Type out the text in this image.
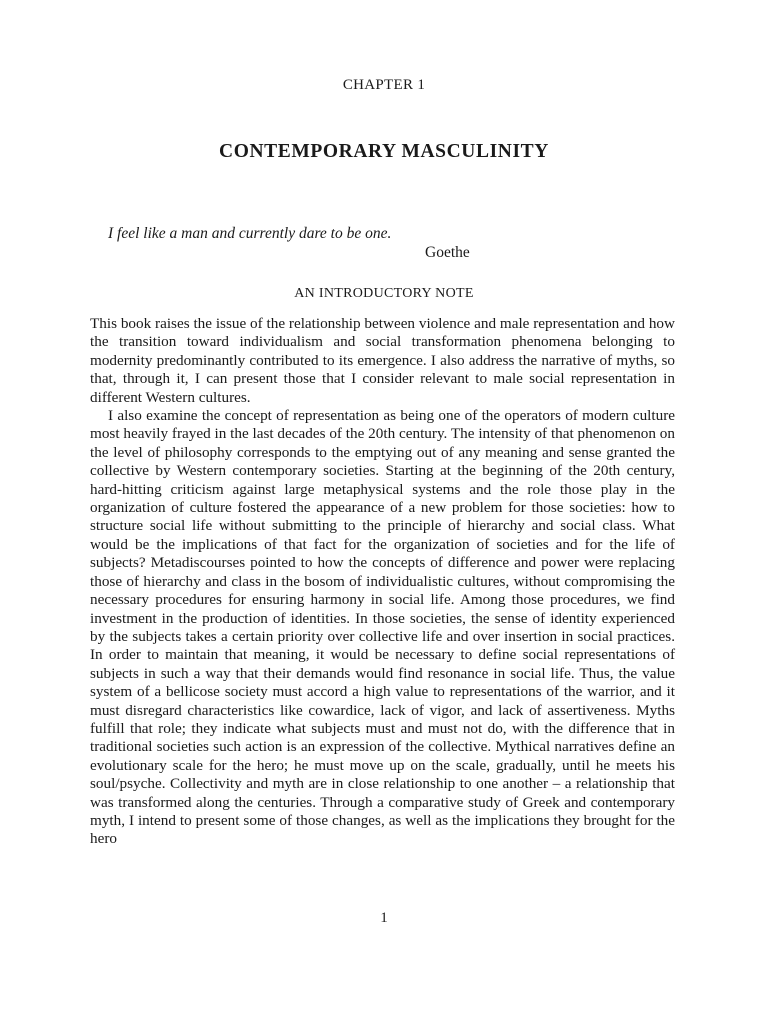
CHAPTER 1
CONTEMPORARY MASCULINITY
I feel like a man and currently dare to be one.
Goethe
AN INTRODUCTORY NOTE

This book raises the issue of the relationship between violence and male representation and how the transition toward individualism and social transformation phenomena belonging to modernity predominantly contributed to its emergence. I also address the narrative of myths, so that, through it, I can present those that I consider relevant to male social representation in different Western cultures.

I also examine the concept of representation as being one of the operators of modern culture most heavily frayed in the last decades of the 20th century. The intensity of that phenomenon on the level of philosophy corresponds to the emptying out of any meaning and sense granted the collective by Western contemporary societies. Starting at the beginning of the 20th century, hard-hitting criticism against large metaphysical systems and the role those play in the organization of culture fostered the appearance of a new problem for those societies: how to structure social life without submitting to the principle of hierarchy and social class. What would be the implications of that fact for the organization of societies and for the life of subjects? Metadiscourses pointed to how the concepts of difference and power were replacing those of hierarchy and class in the bosom of individualistic cultures, without compromising the necessary procedures for ensuring harmony in social life. Among those procedures, we find investment in the production of identities. In those societies, the sense of identity experienced by the subjects takes a certain priority over collective life and over insertion in social practices. In order to maintain that meaning, it would be necessary to define social representations of subjects in such a way that their demands would find resonance in social life. Thus, the value system of a bellicose society must accord a high value to representations of the warrior, and it must disregard characteristics like cowardice, lack of vigor, and lack of assertiveness. Myths fulfill that role; they indicate what subjects must and must not do, with the difference that in traditional societies such action is an expression of the collective. Mythical narratives define an evolutionary scale for the hero; he must move up on the scale, gradually, until he meets his soul/psyche. Collectivity and myth are in close relationship to one another – a relationship that was transformed along the centuries. Through a comparative study of Greek and contemporary myth, I intend to present some of those changes, as well as the implications they brought for the hero

1
